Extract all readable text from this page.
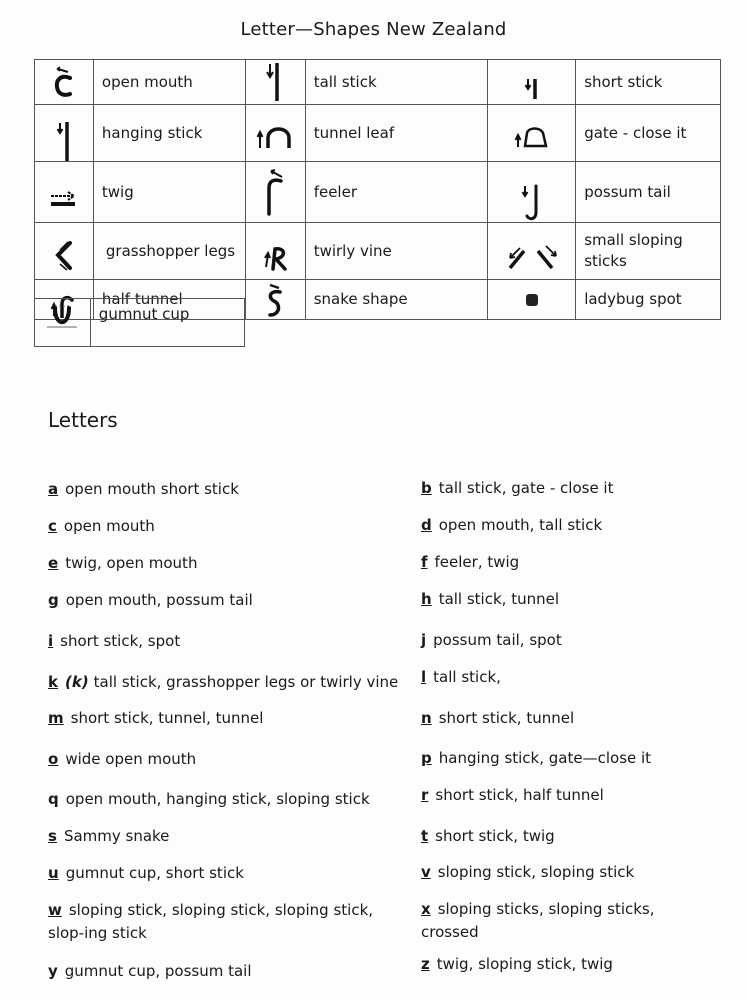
Letter—Shapes New Zealand
	open mouth		tall stick		short stick

	hanging stick		tunnel leaf		gate - close it

	twig		feeler		possum tail

	grasshopper legs		twirly vine		small sloping sticks

	half tunnel		snake shape		ladybug spot
	gumnut cup
Letters
a open mouth short stick
c open mouth
e twig, open mouth
g open mouth, possum tail
i short stick, spot
k (k) tall stick, grasshopper legs or twirly vine
m short stick, tunnel, tunnel
o wide open mouth
q open mouth, hanging stick, sloping stick
s Sammy snake
u gumnut cup, short stick
w sloping stick, sloping stick, sloping stick, slop-ing stick
y gumnut cup, possum tail
b tall stick, gate - close it
d open mouth, tall stick
f feeler, twig
h tall stick, tunnel
j possum tail, spot
l tall stick,
n short stick, tunnel
p hanging stick, gate—close it
r short stick, half tunnel
t short stick, twig
v sloping stick, sloping stick
x sloping sticks, sloping sticks, crossed
z twig, sloping stick, twig
